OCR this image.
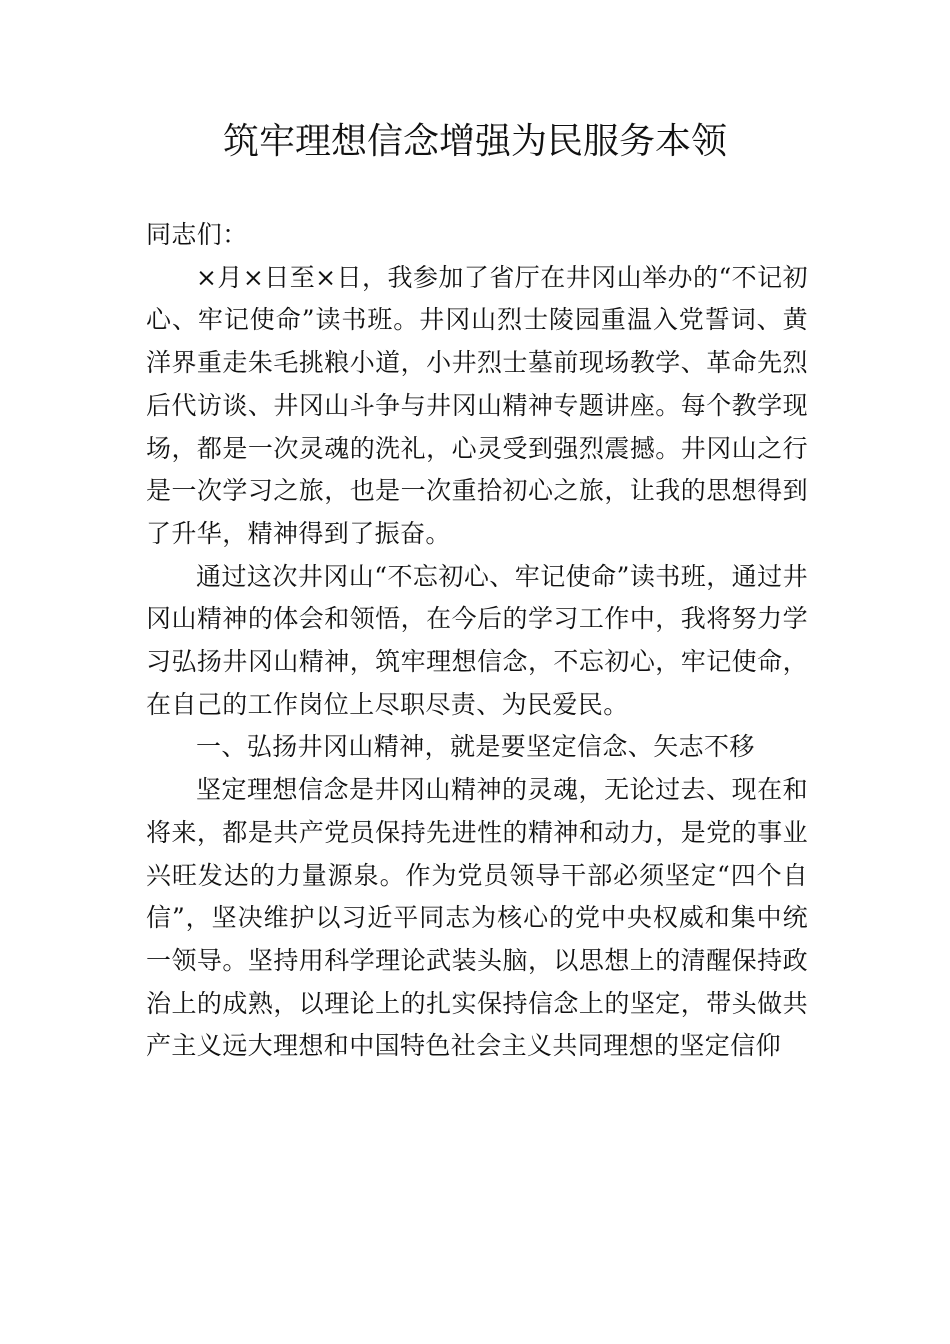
筑牢理想信念增强为民服务本领

同志们：

×月×日至×日，我参加了省厅在井冈山举办的“不记初心、牢记使命”读书班。井冈山烈士陵园重温入党誓词、黄洋界重走朱毛挑粮小道，小井烈士墓前现场教学、革命先烈后代访谈、井冈山斗争与井冈山精神专题讲座。每个教学现场，都是一次灵魂的洗礼，心灵受到强烈震撼。井冈山之行是一次学习之旅，也是一次重拾初心之旅，让我的思想得到了升华，精神得到了振奋。

通过这次井冈山“不忘初心、牢记使命”读书班，通过井冈山精神的体会和领悟，在今后的学习工作中，我将努力学习弘扬井冈山精神，筑牢理想信念，不忘初心，牢记使命， 在自己的工作岗位上尽职尽责、为民爱民。

一、弘扬井冈山精神，就是要坚定信念、矢志不移

坚定理想信念是井冈山精神的灵魂，无论过去、现在和将来，都是共产党员保持先进性的精神和动力，是党的事业兴旺发达的力量源泉。作为党员领导干部必须坚定“四个自信”，坚决维护以习近平同志为核心的党中央权威和集中统一领导。坚持用科学理论武装头脑，以思想上的清醒保持政治上的成熟，以理论上的扎实保持信念上的坚定，带头做共产主义远大理想和中国特色社会主义共同理想的坚定信仰
